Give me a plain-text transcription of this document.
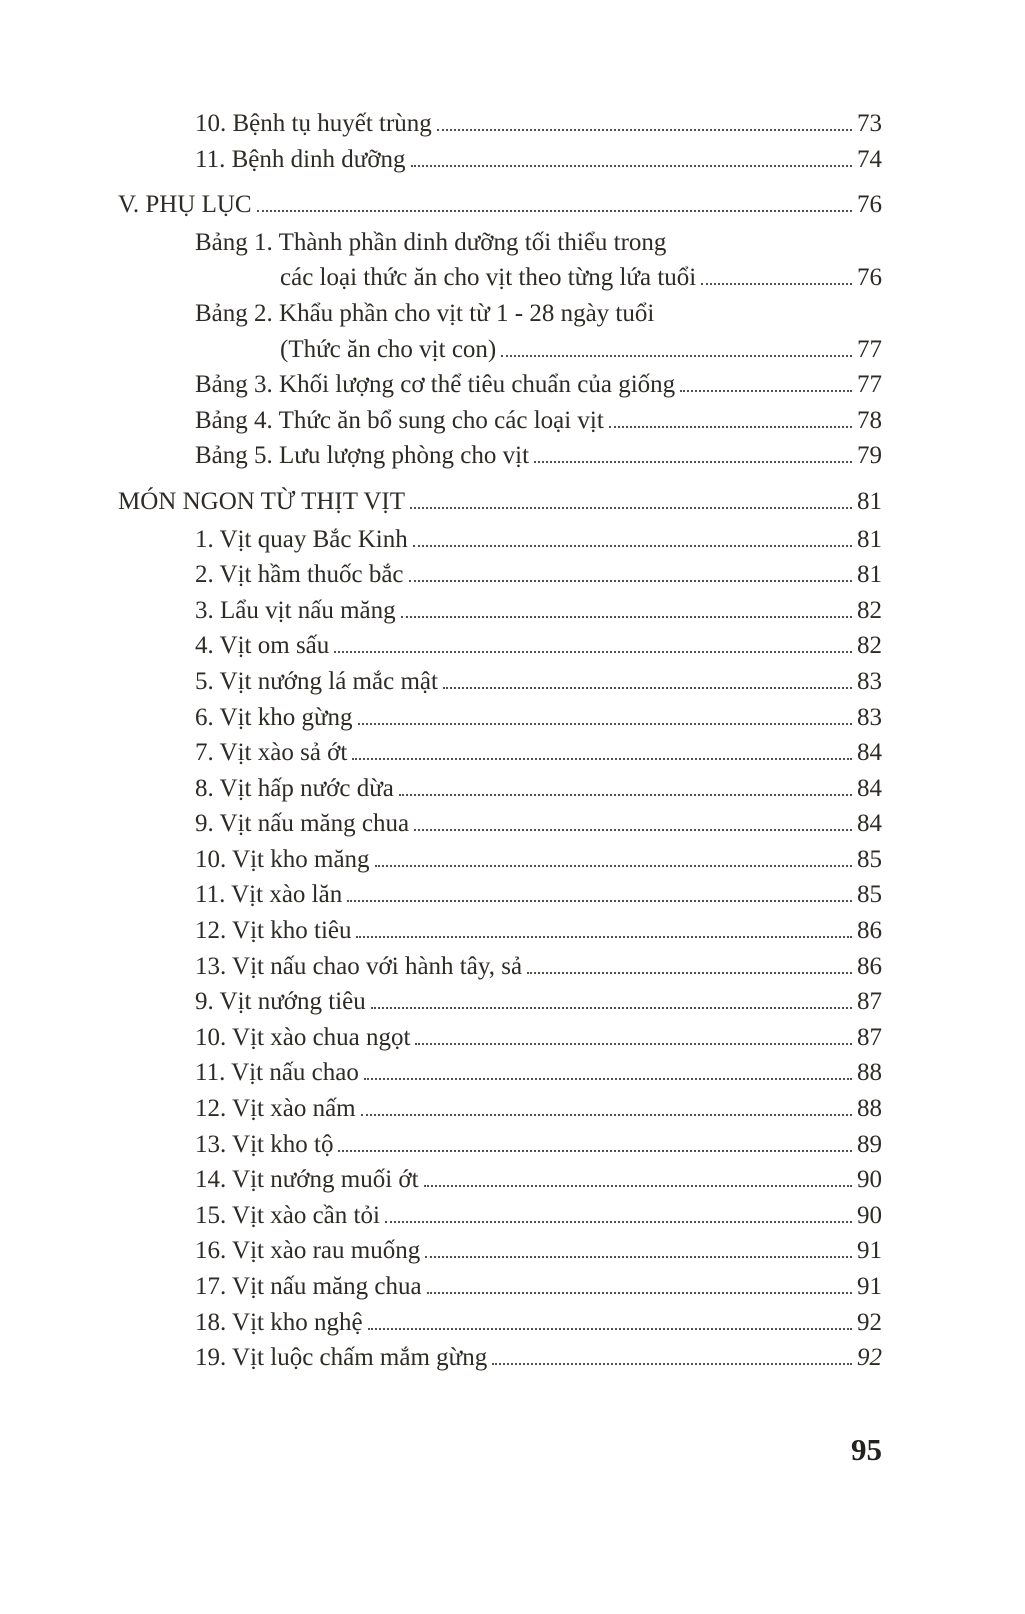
10. Bệnh tụ huyết trùng	73
11. Bệnh dinh dưỡng	74
V. PHỤ LỤC	76
Bảng 1. Thành phần dinh dưỡng tối thiểu trong
các loại thức ăn cho vịt theo từng lứa tuổi	76
Bảng 2. Khẩu phần cho vịt từ 1 - 28 ngày tuổi
(Thức ăn cho vịt con)	77
Bảng 3. Khối lượng cơ thể tiêu chuẩn của giống	77
Bảng 4. Thức ăn bổ sung cho các loại vịt	78
Bảng 5. Lưu lượng phòng cho vịt	79
MÓN NGON TỪ THỊT VỊT	81
1. Vịt quay Bắc Kinh	81
2. Vịt hầm thuốc bắc	81
3. Lẩu vịt nấu măng	82
4. Vịt om sấu	82
5. Vịt nướng lá mắc mật	83
6. Vịt kho gừng	83
7. Vịt xào sả ớt	84
8. Vịt hấp nước dừa	84
9. Vịt nấu măng chua	84
10. Vịt kho măng	85
11. Vịt xào lăn	85
12. Vịt kho tiêu	86
13. Vịt nấu chao với hành tây, sả	86
9. Vịt nướng tiêu	87
10. Vịt xào chua ngọt	87
11. Vịt nấu chao	88
12. Vịt xào nấm	88
13. Vịt kho tộ	89
14. Vịt nướng muối ớt	90
15. Vịt xào cần tỏi	90
16. Vịt xào rau muống	91
17. Vịt nấu măng chua	91
18. Vịt kho nghệ	92
19. Vịt luộc chấm mắm gừng	92
95
